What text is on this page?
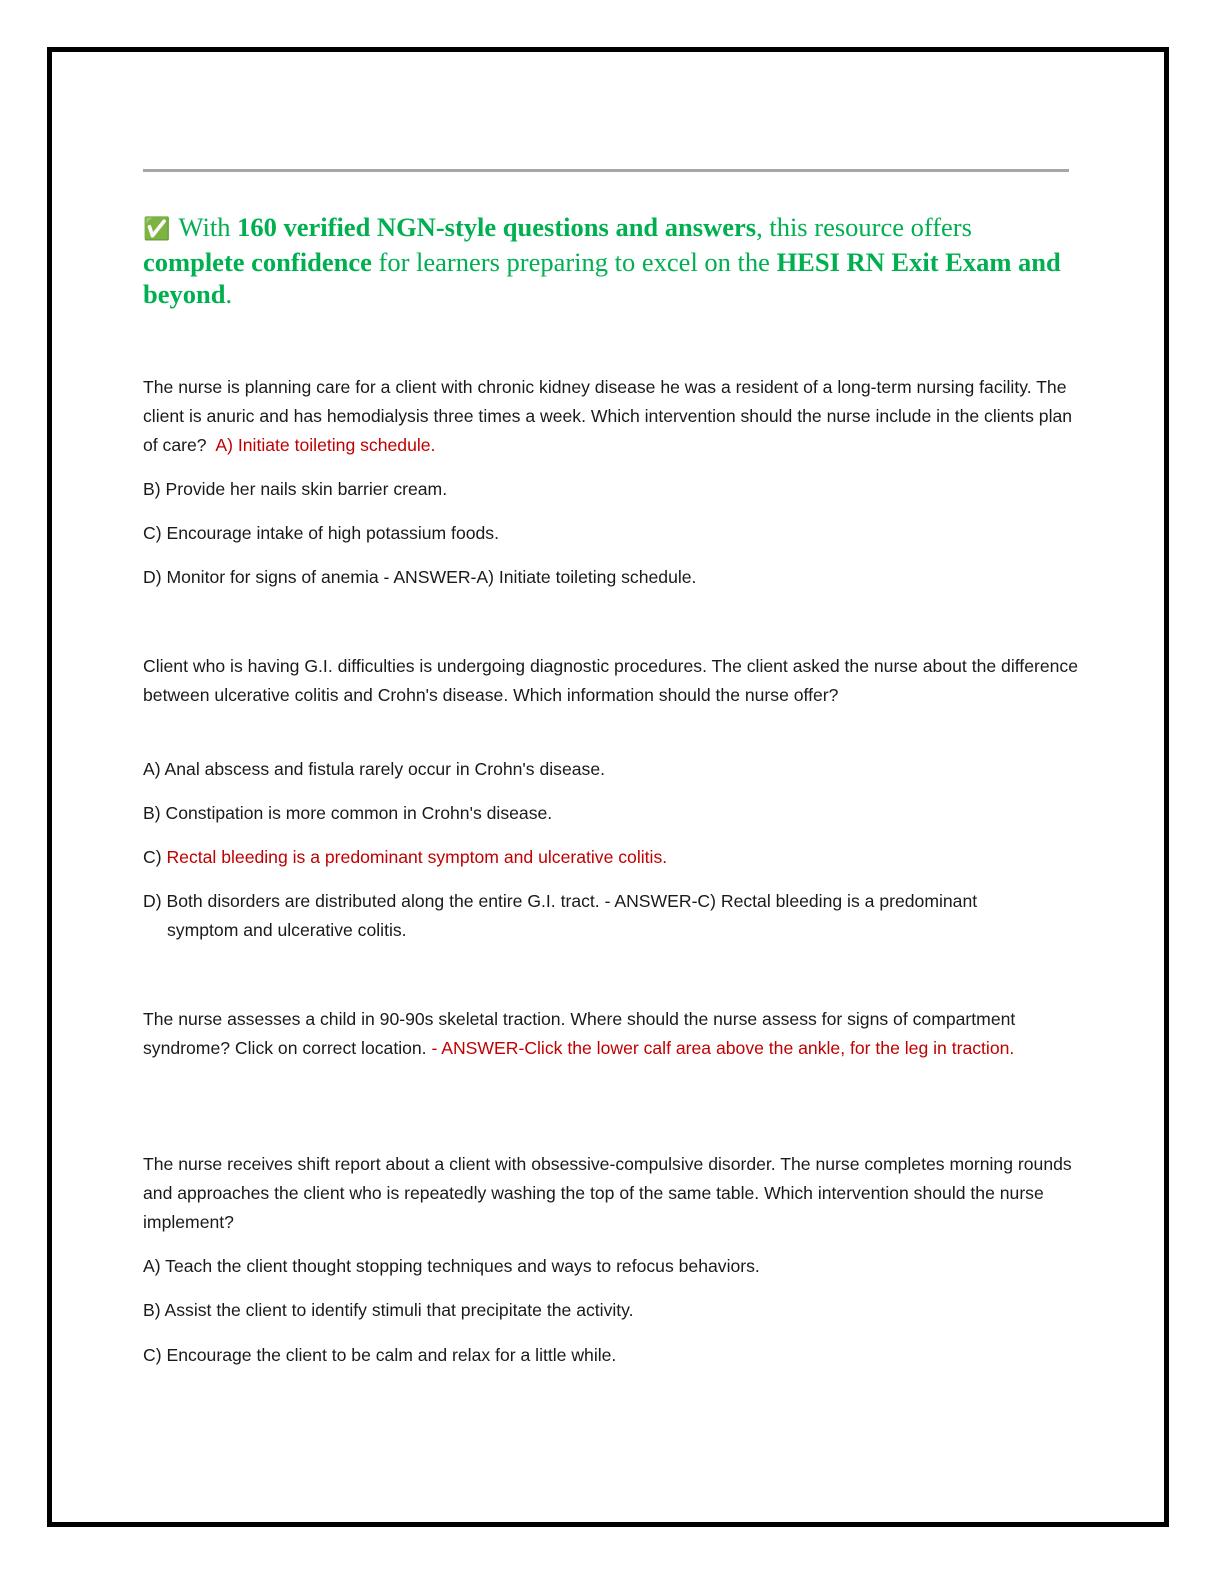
✅ With 160 verified NGN-style questions and answers, this resource offers complete confidence for learners preparing to excel on the HESI RN Exit Exam and beyond.

The nurse is planning care for a client with chronic kidney disease he was a resident of a long-term nursing facility. The client is anuric and has hemodialysis three times a week. Which intervention should the nurse include in the clients plan of care? A) Initiate toileting schedule.

B) Provide her nails skin barrier cream.

C) Encourage intake of high potassium foods.

D) Monitor for signs of anemia - ANSWER-A) Initiate toileting schedule.

Client who is having G.I. difficulties is undergoing diagnostic procedures. The client asked the nurse about the difference between ulcerative colitis and Crohn's disease. Which information should the nurse offer?

A) Anal abscess and fistula rarely occur in Crohn's disease.

B) Constipation is more common in Crohn's disease.

C) Rectal bleeding is a predominant symptom and ulcerative colitis.

D) Both disorders are distributed along the entire G.I. tract. - ANSWER-C) Rectal bleeding is a predominant symptom and ulcerative colitis.

The nurse assesses a child in 90-90s skeletal traction. Where should the nurse assess for signs of compartment syndrome? Click on correct location. - ANSWER-Click the lower calf area above the ankle, for the leg in traction.

The nurse receives shift report about a client with obsessive-compulsive disorder. The nurse completes morning rounds and approaches the client who is repeatedly washing the top of the same table. Which intervention should the nurse implement?

A) Teach the client thought stopping techniques and ways to refocus behaviors.

B) Assist the client to identify stimuli that precipitate the activity.

C) Encourage the client to be calm and relax for a little while.
